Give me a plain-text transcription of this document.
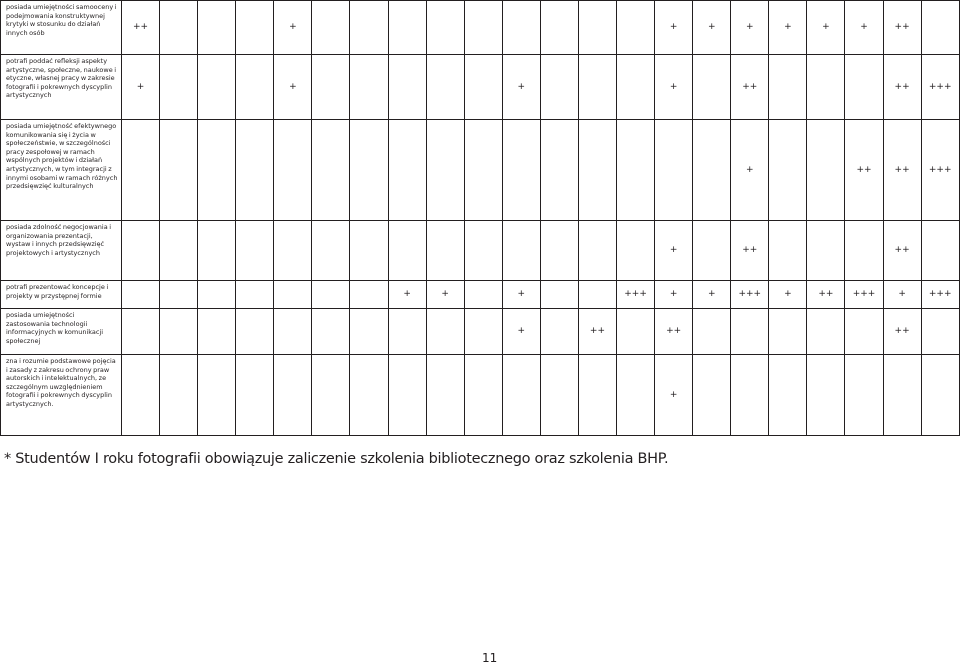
posiada umiejętności samooceny i podejmowania konstruktywnej krytyki w stosunku do działań innych osób	++				+										+	+	+	+	+	+	++	
potrafi poddać refleksji aspekty artystyczne, społeczne, naukowe i etyczne, własnej pracy w zakresie fotografii i pokrewnych dyscyplin artystycznych	+				+						+				+		++				++	+++
posiada umiejętność efektywnego komunikowania się i życia w społeczeństwie, w szczególności pracy zespołowej w ramach wspólnych projektów i działań artystycznych, w tym integracji z innymi osobami w ramach różnych przedsięwzięć kulturalnych																	+			++	++	+++
posiada zdolność negocjowania i organizowania prezentacji, wystaw i innych przedsięwzięć projektowych i artystycznych															+		++				++	
potrafi prezentować koncepcje i projekty w przystępnej formie								+	+		+			+++	+	+	+++	+	++	+++	+	+++
posiada umiejętności zastosowania technologii informacyjnych w komunikacji społecznej											+		++		++						++	
zna i rozumie podstawowe pojęcia i zasady z zakresu ochrony praw autorskich i intelektualnych, ze szczególnym uwzględnieniem fotografii i pokrewnych dyscyplin artystycznych.															+							
* Studentów I roku fotografii obowiązuje zaliczenie szkolenia bibliotecznego oraz szkolenia BHP.
11
